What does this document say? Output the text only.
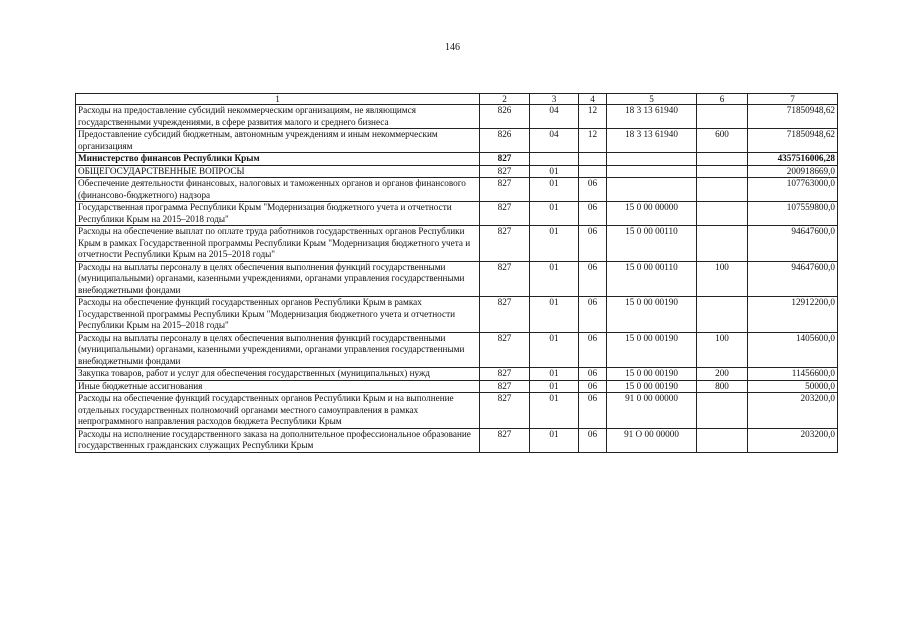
146
1	2	3	4	5	6	7
Расходы на предоставление субсидий некоммерческим организациям, не являющимся государственными учреждениями, в сфере развития малого и среднего бизнеса	826	04	12	18 3 13 61940		71850948,62
Предоставление субсидий бюджетным, автономным учреждениям и иным некоммерческим организациям	826	04	12	18 3 13 61940	600	71850948,62
Министерство финансов Республики Крым	827					4357516006,28
ОБЩЕГОСУДАРСТВЕННЫЕ ВОПРОСЫ	827	01				200918669,0
Обеспечение деятельности финансовых, налоговых и таможенных органов и органов финансового (финансово-бюджетного) надзора	827	01	06			107763000,0
Государственная программа Республики Крым "Модернизация бюджетного учета и отчетности Республики Крым на 2015–2018 годы"	827	01	06	15 0 00 00000		107559800,0
Расходы на обеспечение выплат по оплате труда работников государственных органов Республики Крым в рамках Государственной программы Республики Крым "Модернизация бюджетного учета и отчетности Республики Крым на 2015–2018 годы"	827	01	06	15 0 00 00110		94647600,0
Расходы на выплаты персоналу в целях обеспечения выполнения функций государственными (муниципальными) органами, казенными учреждениями, органами управления государственными внебюджетными фондами	827	01	06	15 0 00 00110	100	94647600,0
Расходы на обеспечение функций государственных органов Республики Крым в рамках Государственной программы Республики Крым "Модернизация бюджетного учета и отчетности Республики Крым на 2015–2018 годы"	827	01	06	15 0 00 00190		12912200,0
Расходы на выплаты персоналу в целях обеспечения выполнения функций государственными (муниципальными) органами, казенными учреждениями, органами управления государственными внебюджетными фондами	827	01	06	15 0 00 00190	100	1405600,0
Закупка товаров, работ и услуг для обеспечения государственных (муниципальных) нужд	827	01	06	15 0 00 00190	200	11456600,0
Иные бюджетные ассигнования	827	01	06	15 0 00 00190	800	50000,0
Расходы на обеспечение функций государственных органов Республики Крым и на выполнение отдельных государственных полномочий органами местного самоуправления в рамках непрограммного направления расходов бюджета Республики Крым	827	01	06	91 0 00 00000		203200,0
Расходы на исполнение государственного заказа на дополнительное профессиональное образование государственных гражданских служащих Республики Крым	827	01	06	91 О 00 00000		203200,0
